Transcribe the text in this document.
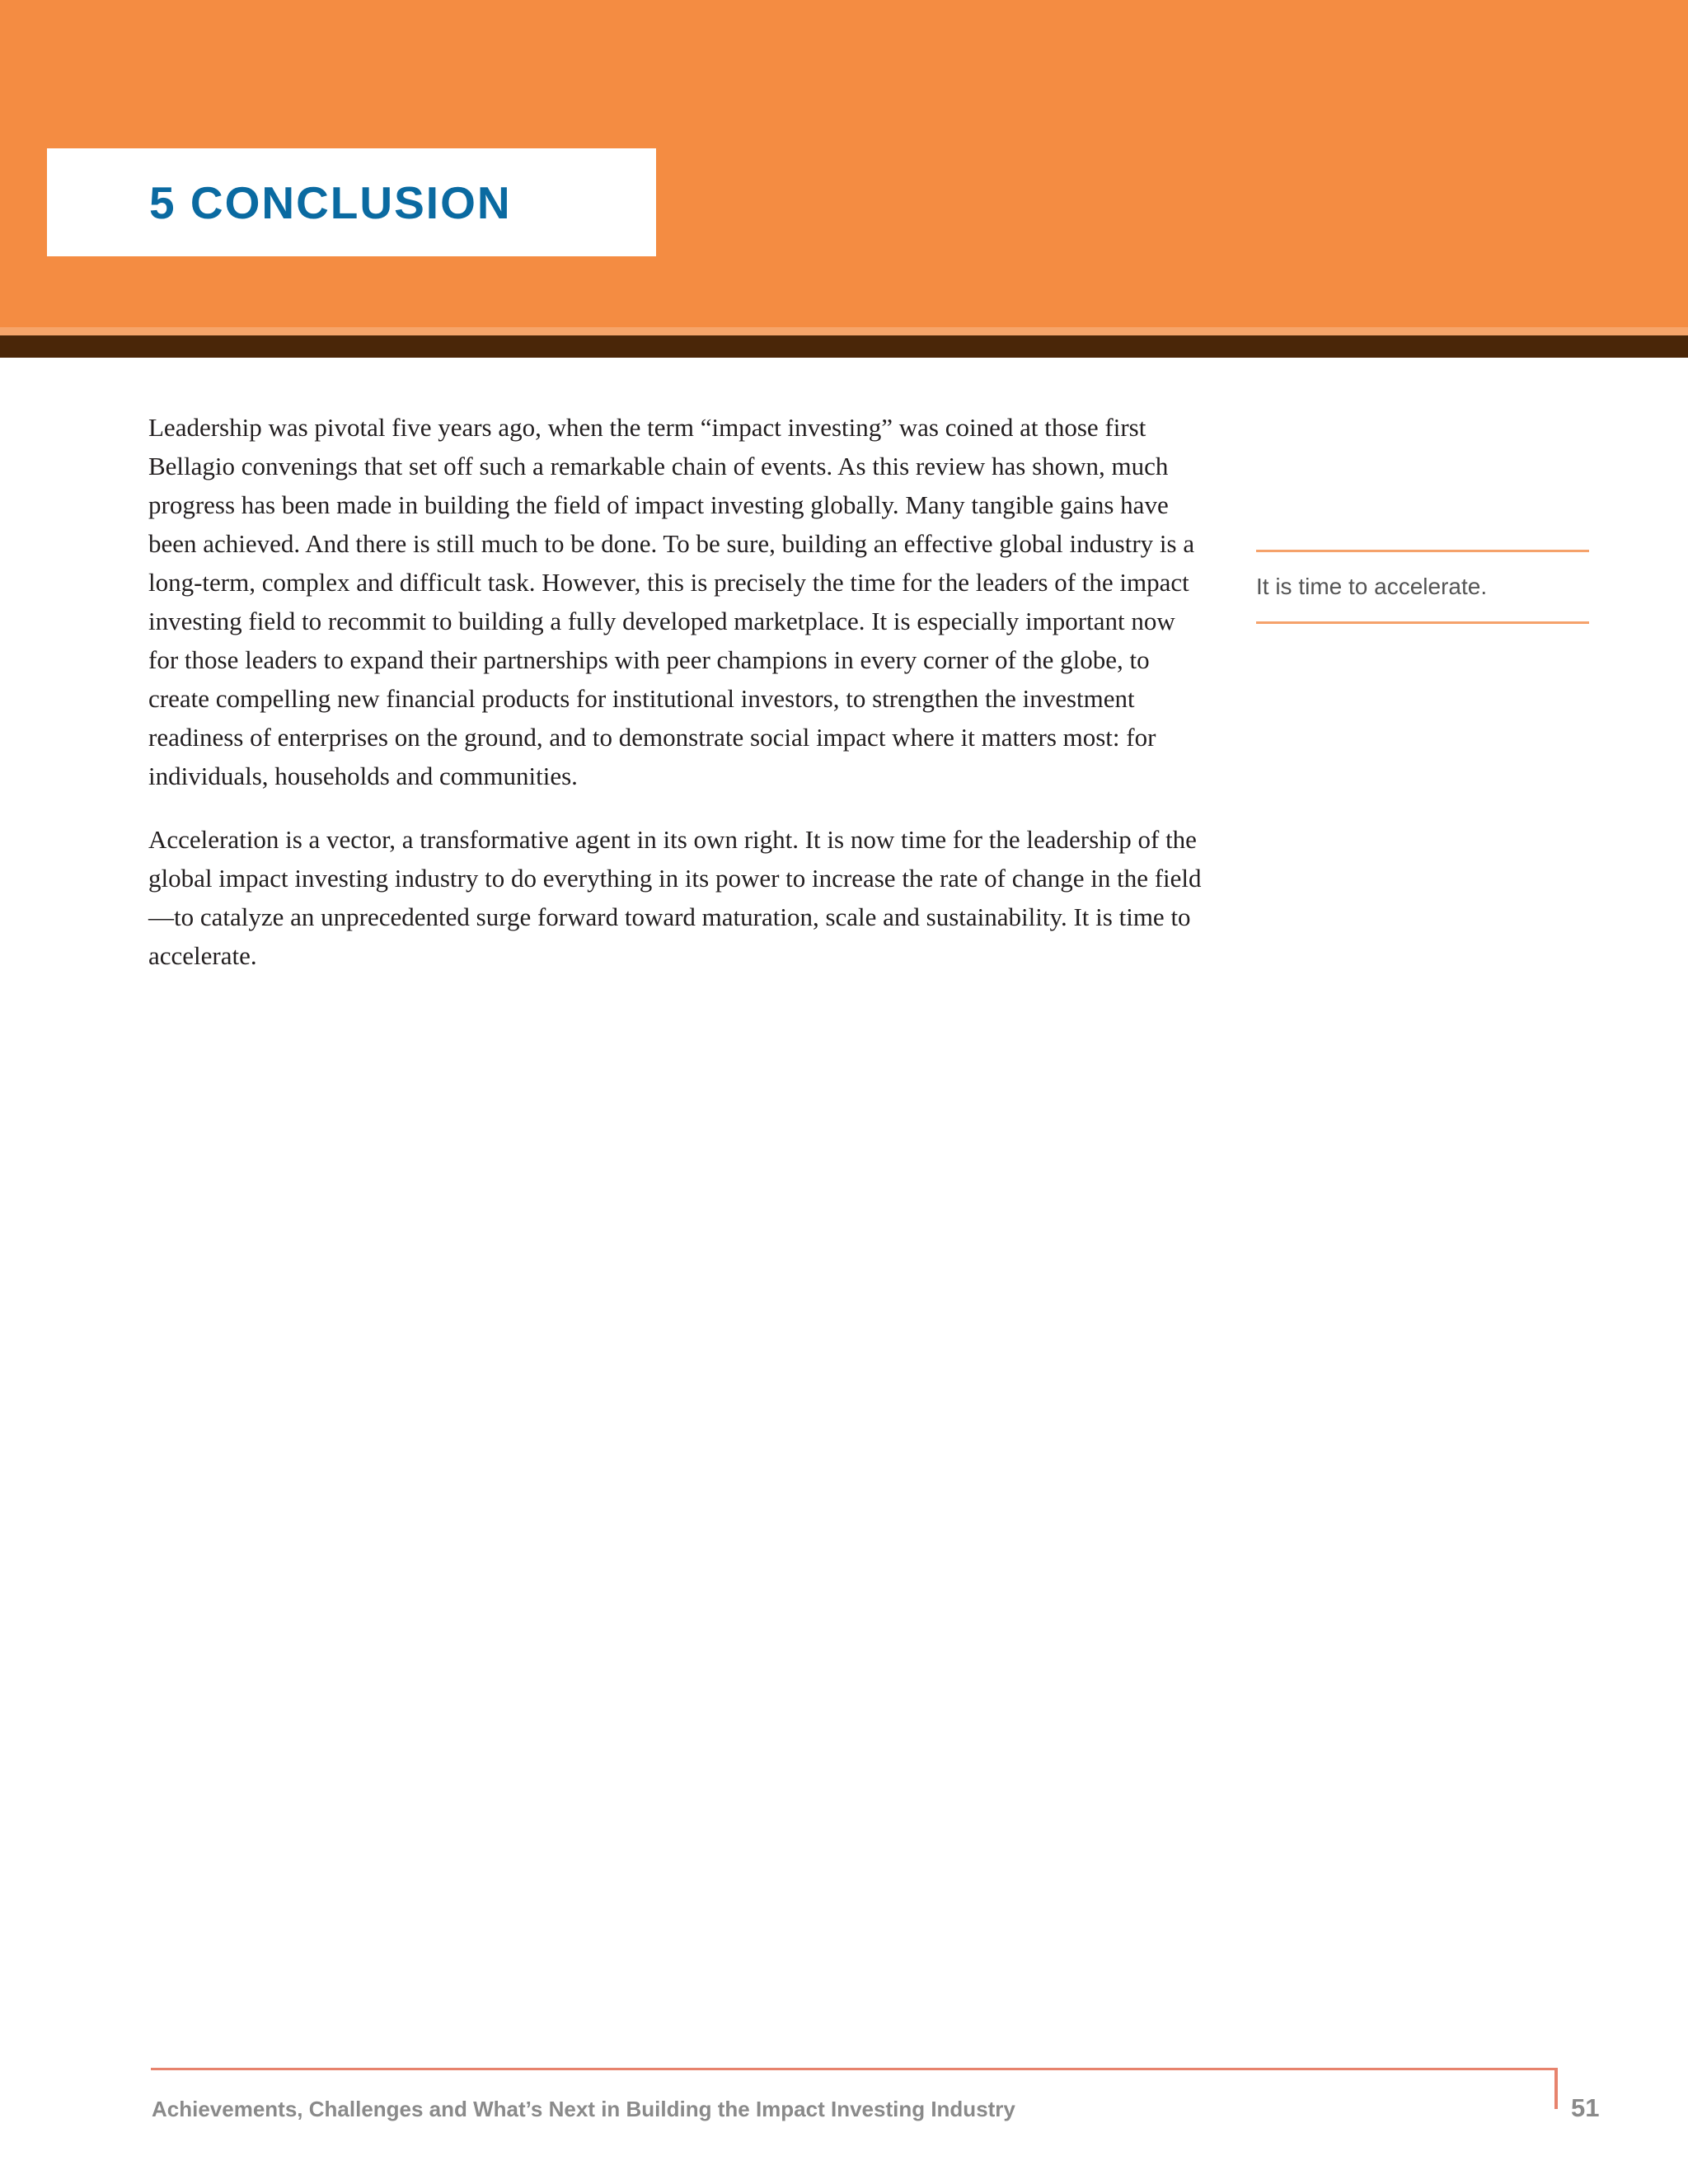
5 CONCLUSION

Leadership was pivotal five years ago, when the term “impact investing” was coined at those first Bellagio convenings that set off such a remarkable chain of events. As this review has shown, much progress has been made in building the field of impact investing globally. Many tangible gains have been achieved. And there is still much to be done. To be sure, building an effective global industry is a long-term, complex and difficult task. However, this is precisely the time for the leaders of the impact investing field to recommit to building a fully developed marketplace. It is especially important now for those leaders to expand their partnerships with peer champions in every corner of the globe, to create compelling new financial products for institutional investors, to strengthen the investment readiness of enterprises on the ground, and to demonstrate social impact where it matters most: for individuals, households and communities.

Acceleration is a vector, a transformative agent in its own right. It is now time for the leadership of the global impact investing industry to do everything in its power to increase the rate of change in the field—to catalyze an unprecedented surge forward toward maturation, scale and sustainability. It is time to accelerate.

It is time to accelerate.
Achievements, Challenges and What’s Next in Building the Impact Investing Industry	51
